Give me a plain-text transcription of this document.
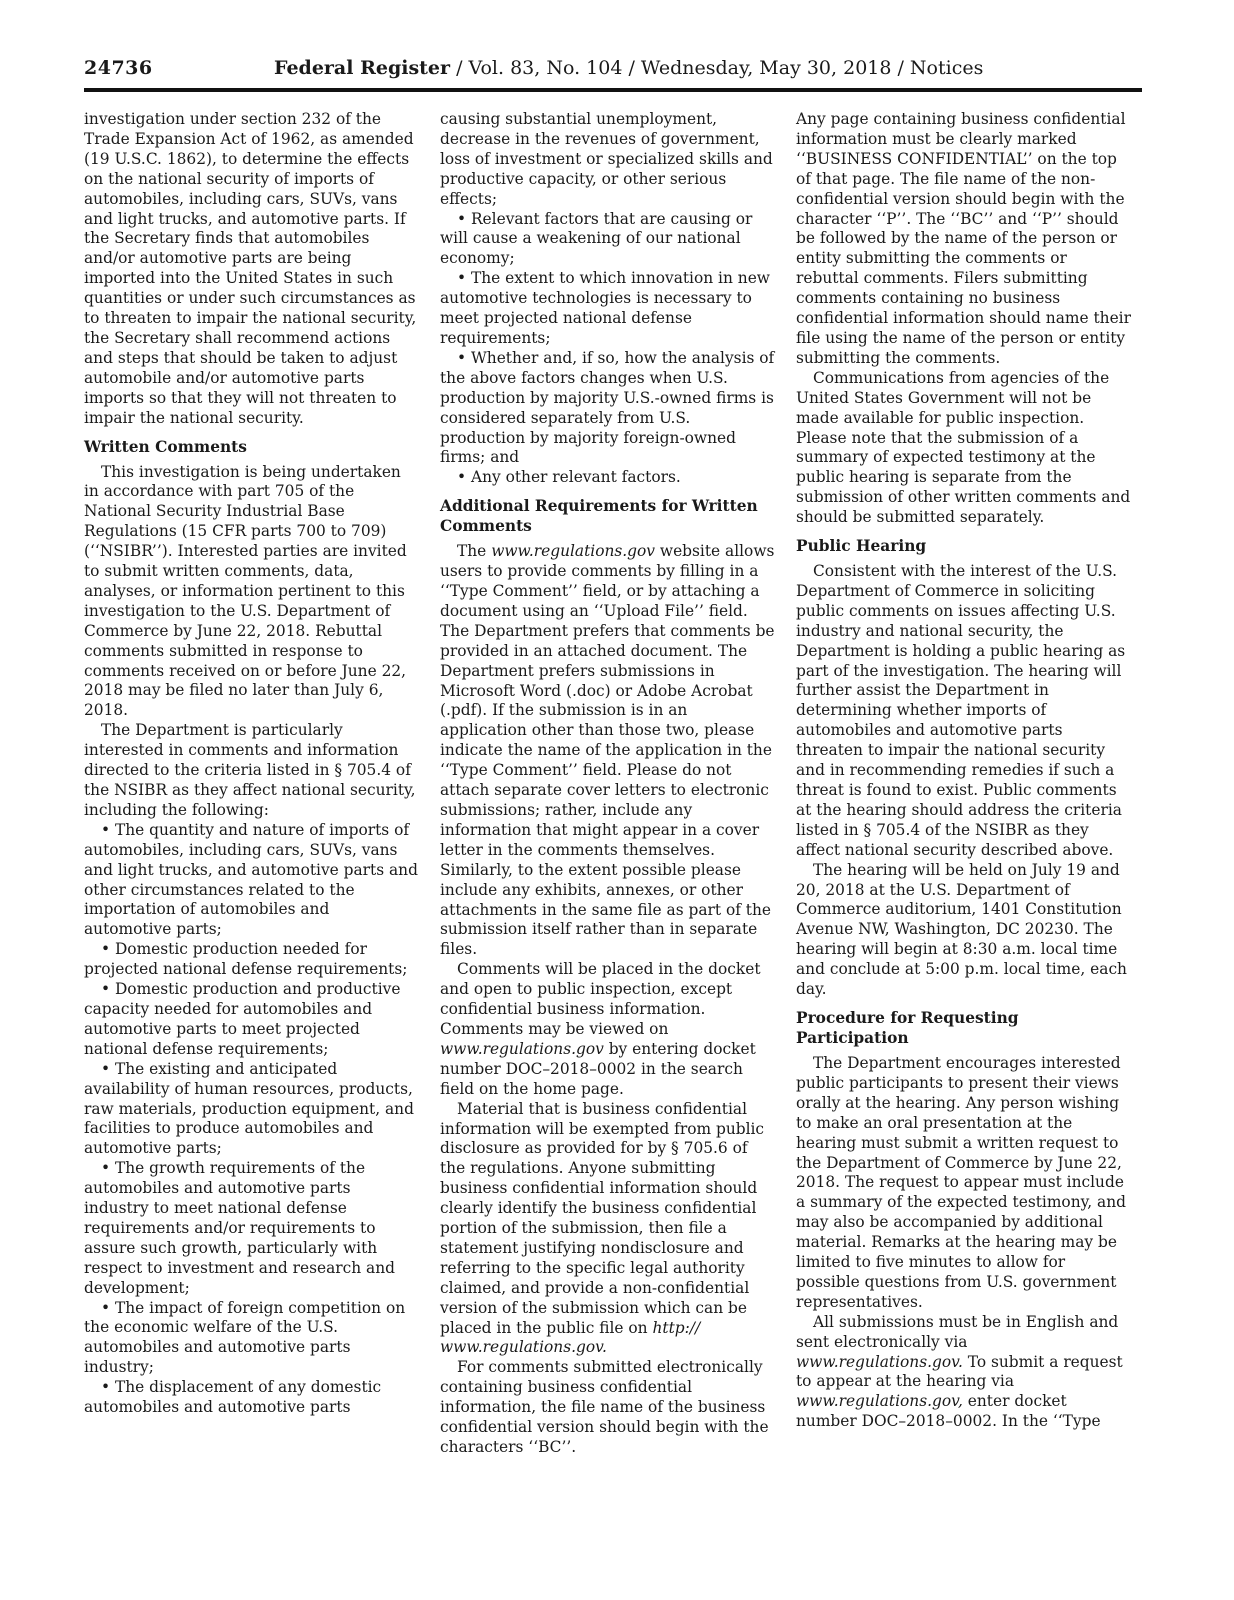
24736	Federal Register / Vol. 83, No. 104 / Wednesday, May 30, 2018 / Notices

investigation under section 232 of the Trade Expansion Act of 1962, as amended (19 U.S.C. 1862), to determine the effects on the national security of imports of automobiles, including cars, SUVs, vans and light trucks, and automotive parts. If the Secretary finds that automobiles and/or automotive parts are being imported into the United States in such quantities or under such circumstances as to threaten to impair the national security, the Secretary shall recommend actions and steps that should be taken to adjust automobile and/or automotive parts imports so that they will not threaten to impair the national security.

Written Comments

This investigation is being undertaken in accordance with part 705 of the National Security Industrial Base Regulations (15 CFR parts 700 to 709) (‘‘NSIBR’’). Interested parties are invited to submit written comments, data, analyses, or information pertinent to this investigation to the U.S. Department of Commerce by June 22, 2018. Rebuttal comments submitted in response to comments received on or before June 22, 2018 may be filed no later than July 6, 2018.

The Department is particularly interested in comments and information directed to the criteria listed in § 705.4 of the NSIBR as they affect national security, including the following:

• The quantity and nature of imports of automobiles, including cars, SUVs, vans and light trucks, and automotive parts and other circumstances related to the importation of automobiles and automotive parts;

• Domestic production needed for projected national defense requirements;

• Domestic production and productive capacity needed for automobiles and automotive parts to meet projected national defense requirements;

• The existing and anticipated availability of human resources, products, raw materials, production equipment, and facilities to produce automobiles and automotive parts;

• The growth requirements of the automobiles and automotive parts industry to meet national defense requirements and/or requirements to assure such growth, particularly with respect to investment and research and development;

• The impact of foreign competition on the economic welfare of the U.S. automobiles and automotive parts industry;

• The displacement of any domestic automobiles and automotive parts

causing substantial unemployment, decrease in the revenues of government, loss of investment or specialized skills and productive capacity, or other serious effects;

• Relevant factors that are causing or will cause a weakening of our national economy;

• The extent to which innovation in new automotive technologies is necessary to meet projected national defense requirements;

• Whether and, if so, how the analysis of the above factors changes when U.S. production by majority U.S.-owned firms is considered separately from U.S. production by majority foreign-owned firms; and

• Any other relevant factors.

Additional Requirements for Written Comments

The www.regulations.gov website allows users to provide comments by filling in a ‘‘Type Comment’’ field, or by attaching a document using an ‘‘Upload File’’ field. The Department prefers that comments be provided in an attached document. The Department prefers submissions in Microsoft Word (.doc) or Adobe Acrobat (.pdf). If the submission is in an application other than those two, please indicate the name of the application in the ‘‘Type Comment’’ field. Please do not attach separate cover letters to electronic submissions; rather, include any information that might appear in a cover letter in the comments themselves. Similarly, to the extent possible please include any exhibits, annexes, or other attachments in the same file as part of the submission itself rather than in separate files.

Comments will be placed in the docket and open to public inspection, except confidential business information. Comments may be viewed on www.regulations.gov by entering docket number DOC–2018–0002 in the search field on the home page.

Material that is business confidential information will be exempted from public disclosure as provided for by § 705.6 of the regulations. Anyone submitting business confidential information should clearly identify the business confidential portion of the submission, then file a statement justifying nondisclosure and referring to the specific legal authority claimed, and provide a non-confidential version of the submission which can be placed in the public file on http:// www.regulations.gov.

For comments submitted electronically containing business confidential information, the file name of the business confidential version should begin with the characters ‘‘BC’’.

Any page containing business confidential information must be clearly marked ‘‘BUSINESS CONFIDENTIAL’’ on the top of that page. The file name of the non-confidential version should begin with the character ‘‘P’’. The ‘‘BC’’ and ‘‘P’’ should be followed by the name of the person or entity submitting the comments or rebuttal comments. Filers submitting comments containing no business confidential information should name their file using the name of the person or entity submitting the comments.

Communications from agencies of the United States Government will not be made available for public inspection. Please note that the submission of a summary of expected testimony at the public hearing is separate from the submission of other written comments and should be submitted separately.

Public Hearing

Consistent with the interest of the U.S. Department of Commerce in soliciting public comments on issues affecting U.S. industry and national security, the Department is holding a public hearing as part of the investigation. The hearing will further assist the Department in determining whether imports of automobiles and automotive parts threaten to impair the national security and in recommending remedies if such a threat is found to exist. Public comments at the hearing should address the criteria listed in § 705.4 of the NSIBR as they affect national security described above.

The hearing will be held on July 19 and 20, 2018 at the U.S. Department of Commerce auditorium, 1401 Constitution Avenue NW, Washington, DC 20230. The hearing will begin at 8:30 a.m. local time and conclude at 5:00 p.m. local time, each day.

Procedure for Requesting Participation

The Department encourages interested public participants to present their views orally at the hearing. Any person wishing to make an oral presentation at the hearing must submit a written request to the Department of Commerce by June 22, 2018. The request to appear must include a summary of the expected testimony, and may also be accompanied by additional material. Remarks at the hearing may be limited to five minutes to allow for possible questions from U.S. government representatives.

All submissions must be in English and sent electronically via www.regulations.gov. To submit a request to appear at the hearing via www.regulations.gov, enter docket number DOC–2018–0002. In the ‘‘Type
